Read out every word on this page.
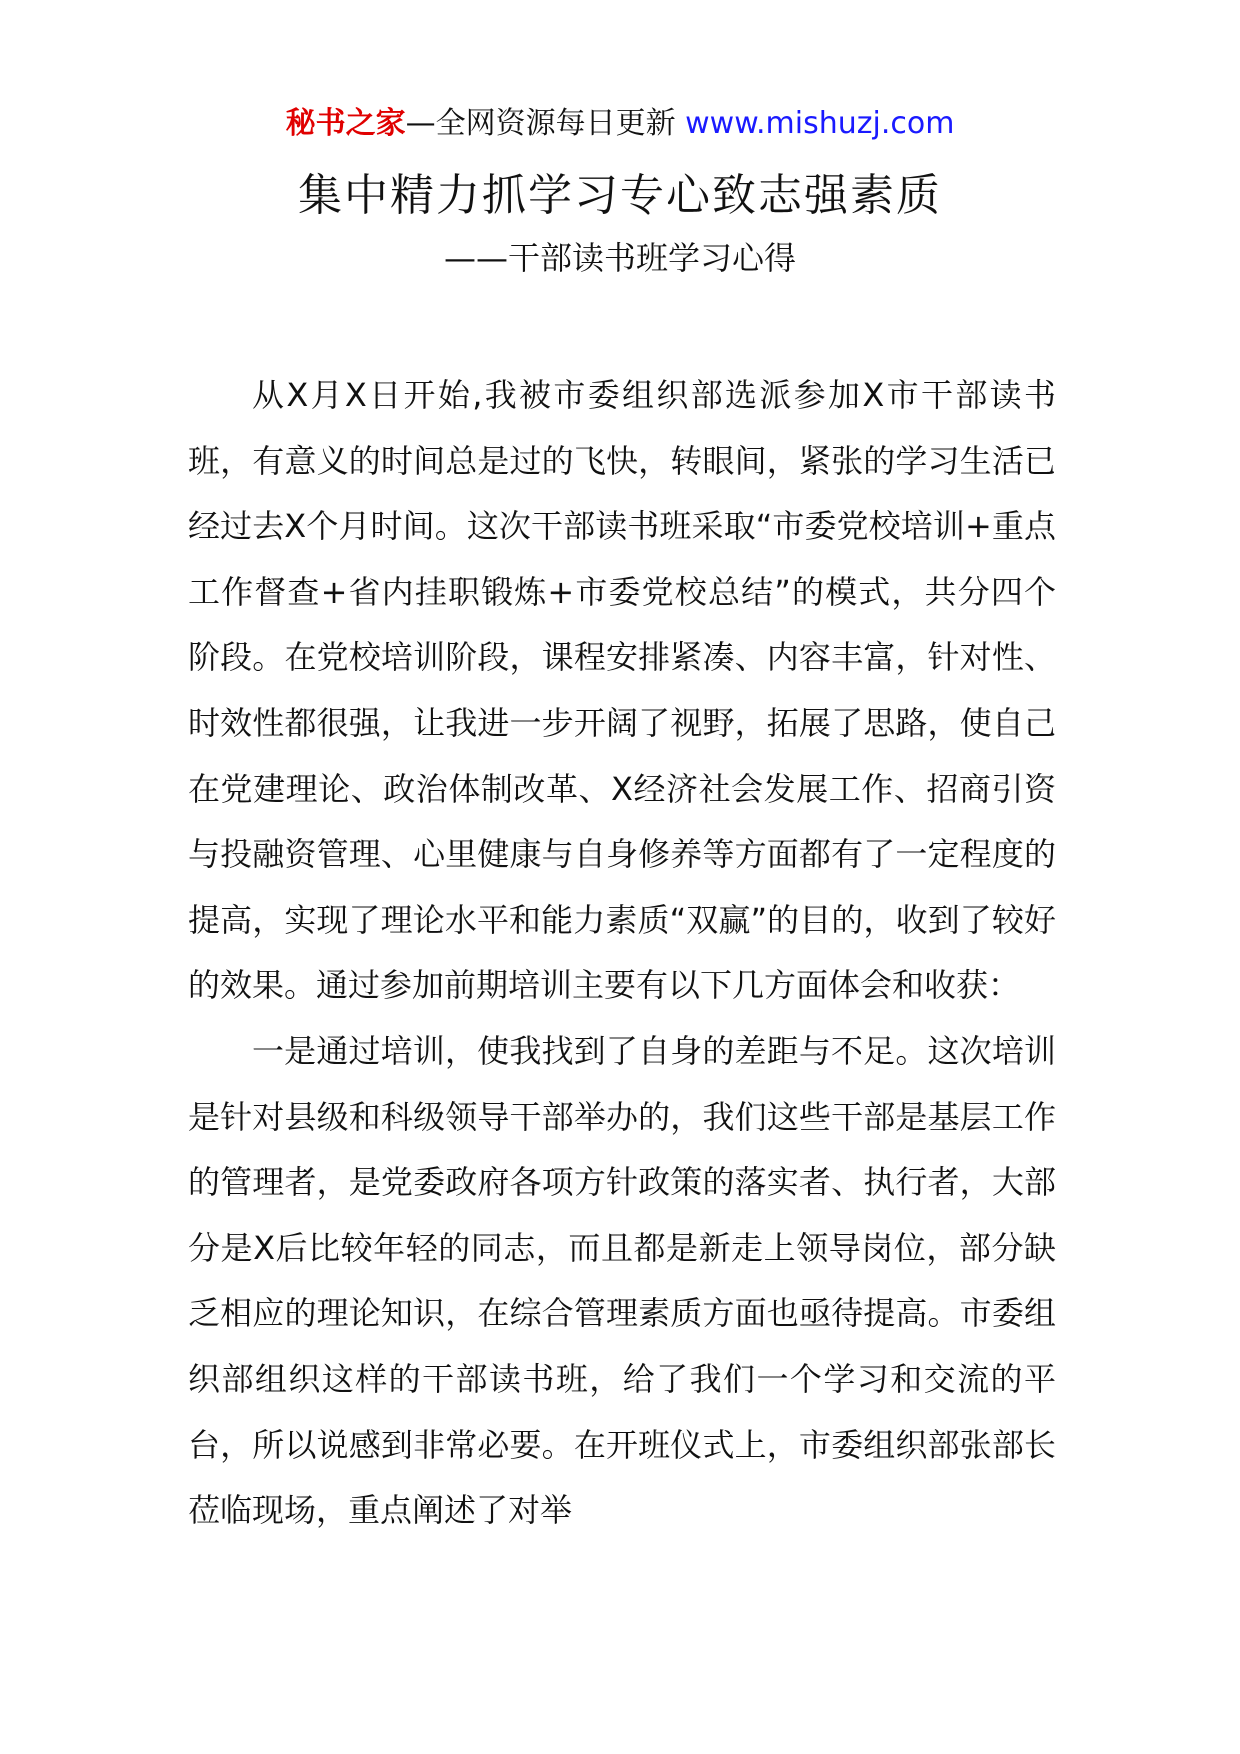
秘书之家—全网资源每日更新 www.mishuzj.com
集中精力抓学习专心致志强素质
——干部读书班学习心得

从X月X日开始,我被市委组织部选派参加X市干部读书班，有意义的时间总是过的飞快，转眼间，紧张的学习生活已经过去X个月时间。这次干部读书班采取“市委党校培训+重点工作督查+省内挂职锻炼+市委党校总结”的模式，共分四个阶段。在党校培训阶段，课程安排紧凑、内容丰富，针对性、时效性都很强，让我进一步开阔了视野，拓展了思路，使自己在党建理论、政治体制改革、X经济社会发展工作、招商引资与投融资管理、心里健康与自身修养等方面都有了一定程度的提高，实现了理论水平和能力素质“双赢”的目的，收到了较好的效果。通过参加前期培训主要有以下几方面体会和收获：

一是通过培训，使我找到了自身的差距与不足。这次培训是针对县级和科级领导干部举办的，我们这些干部是基层工作的管理者，是党委政府各项方针政策的落实者、执行者，大部分是X后比较年轻的同志，而且都是新走上领导岗位，部分缺乏相应的理论知识，在综合管理素质方面也亟待提高。市委组织部组织这样的干部读书班，给了我们一个学习和交流的平台，所以说感到非常必要。在开班仪式上，市委组织部张部长莅临现场，重点阐述了对举
